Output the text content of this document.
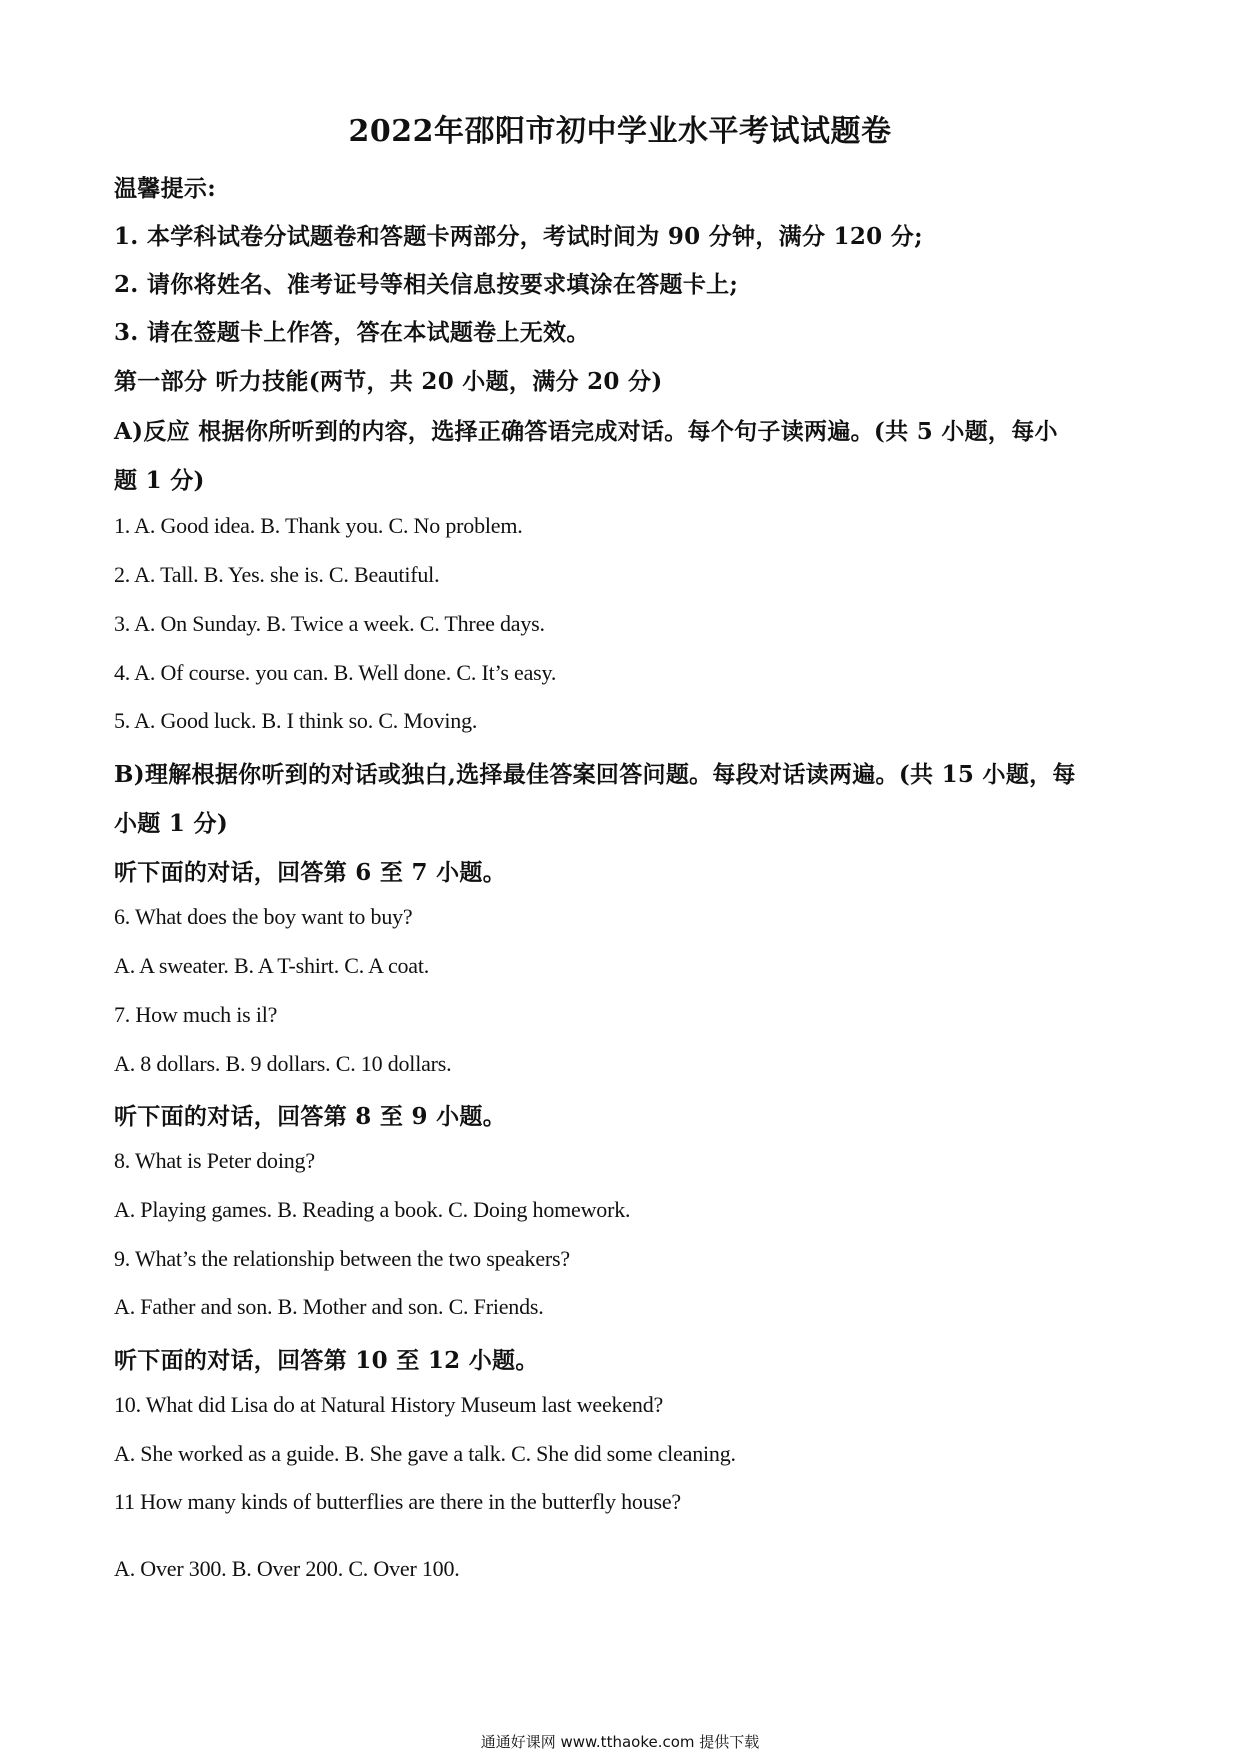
2022年邵阳市初中学业水平考试试题卷
温馨提示:
1. 本学科试卷分试题卷和答题卡两部分，考试时间为 90 分钟，满分 120 分;
2. 请你将姓名、准考证号等相关信息按要求填涂在答题卡上;
3. 请在签题卡上作答，答在本试题卷上无效。
第一部分 听力技能(两节，共 20 小题，满分 20 分)
A)反应 根据你所听到的内容，选择正确答语完成对话。每个句子读两遍。(共 5 小题，每小
题 1 分)
1. A. Good idea. B. Thank you. C. No problem.
2. A. Tall. B. Yes. she is. C. Beautiful.
3. A. On Sunday. B. Twice a week. C. Three days.
4. A. Of course. you can. B. Well done. C. It’s easy.
5. A. Good luck. B. I think so. C. Moving.
B)理解根据你听到的对话或独白,选择最佳答案回答问题。每段对话读两遍。(共 15 小题，每
小题 1 分)
听下面的对话，回答第 6 至 7 小题。
6. What does the boy want to buy?
A. A sweater. B. A T-shirt. C. A coat.
7. How much is il?
A. 8 dollars. B. 9 dollars. C. 10 dollars.
听下面的对话，回答第 8 至 9 小题。
8. What is Peter doing?
A. Playing games. B. Reading a book. C. Doing homework.
9. What’s the relationship between the two speakers?
A. Father and son. B. Mother and son. C. Friends.
听下面的对话，回答第 10 至 12 小题。
10. What did Lisa do at Natural History Museum last weekend?
A. She worked as a guide. B. She gave a talk. C. She did some cleaning.
11 How many kinds of butterflies are there in the butterfly house?
A. Over 300. B. Over 200. C. Over 100.
通通好课网 www.tthaoke.com 提供下载
